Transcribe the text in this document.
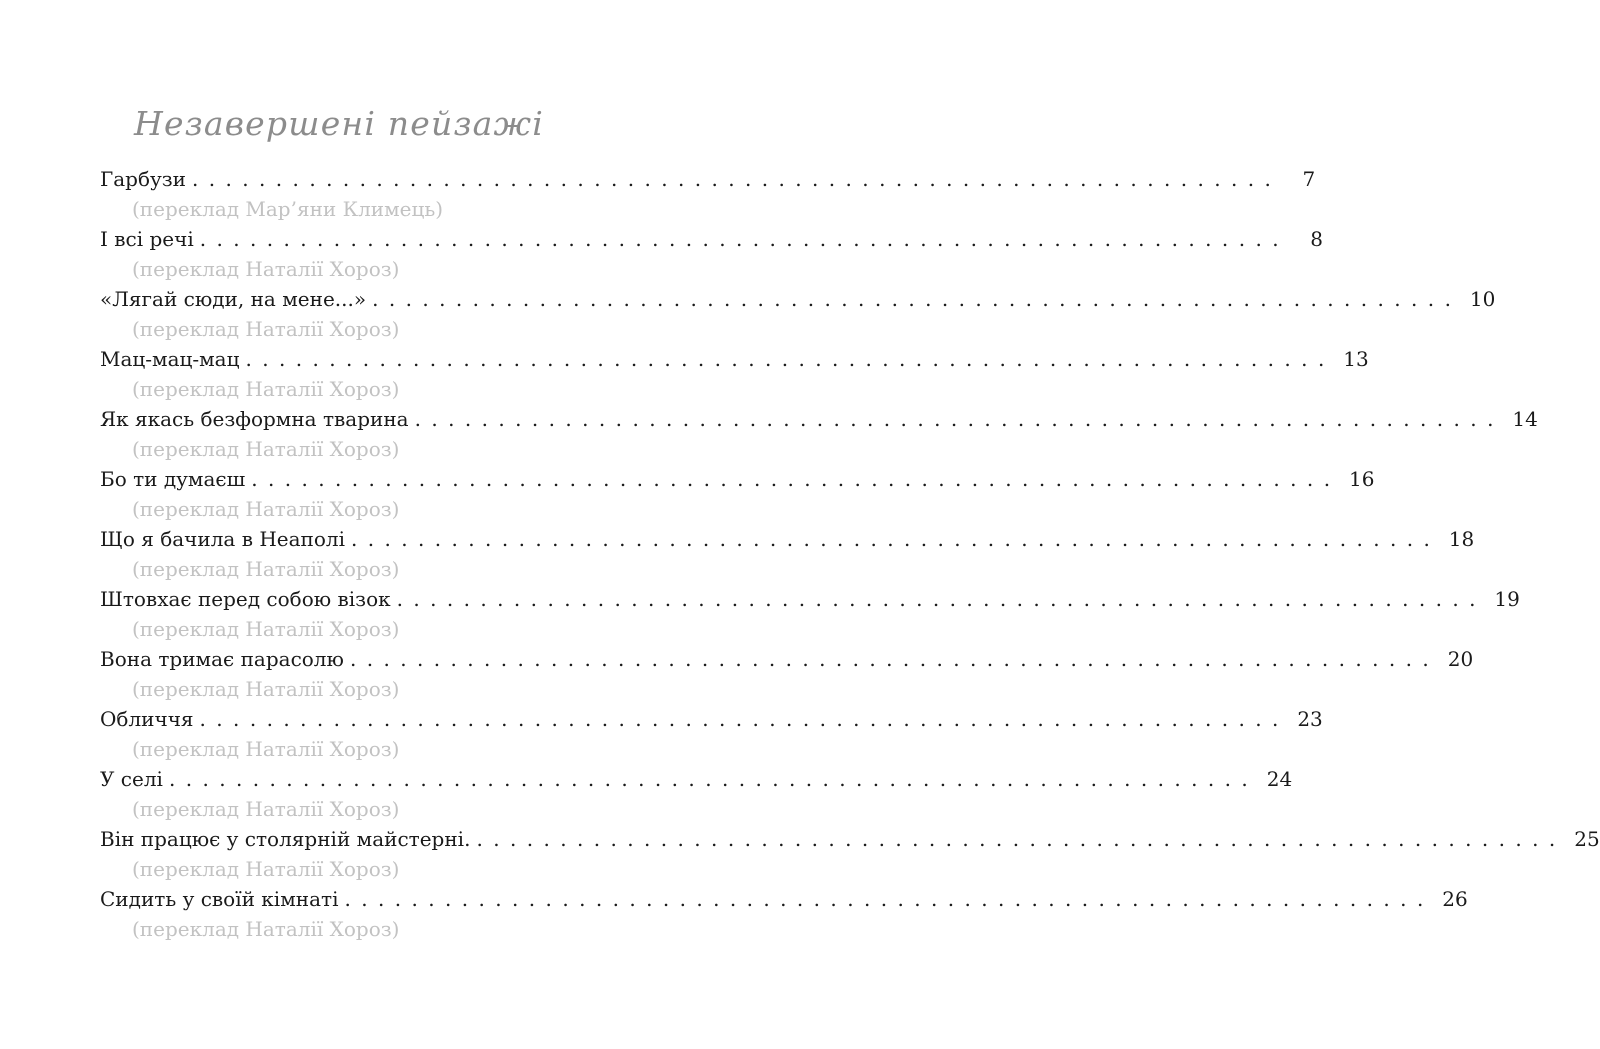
Незавершені пейзажі
Гарбузи .................................................................	7
(переклад Мар’яни Климець)
І всі речі .................................................................	8
(переклад Наталії Хороз)
«Лягай сюди, на мене...» ................................................................. 10
(переклад Наталії Хороз)
Мац-мац-мац ................................................................. 13
(переклад Наталії Хороз)
Як якась безформна тварина ................................................................. 14
(переклад Наталії Хороз)
Бо ти думаєш ................................................................. 16
(переклад Наталії Хороз)
Що я бачила в Неаполі ................................................................. 18
(переклад Наталії Хороз)
Штовхає перед собою візок ................................................................. 19
(переклад Наталії Хороз)
Вона тримає парасолю ................................................................. 20
(переклад Наталії Хороз)
Обличчя ................................................................. 23
(переклад Наталії Хороз)
У селі ................................................................. 24
(переклад Наталії Хороз)
Він працює у столярній майстерні. ................................................................. 25
(переклад Наталії Хороз)
Сидить у своїй кімнаті ................................................................. 26
(переклад Наталії Хороз)
